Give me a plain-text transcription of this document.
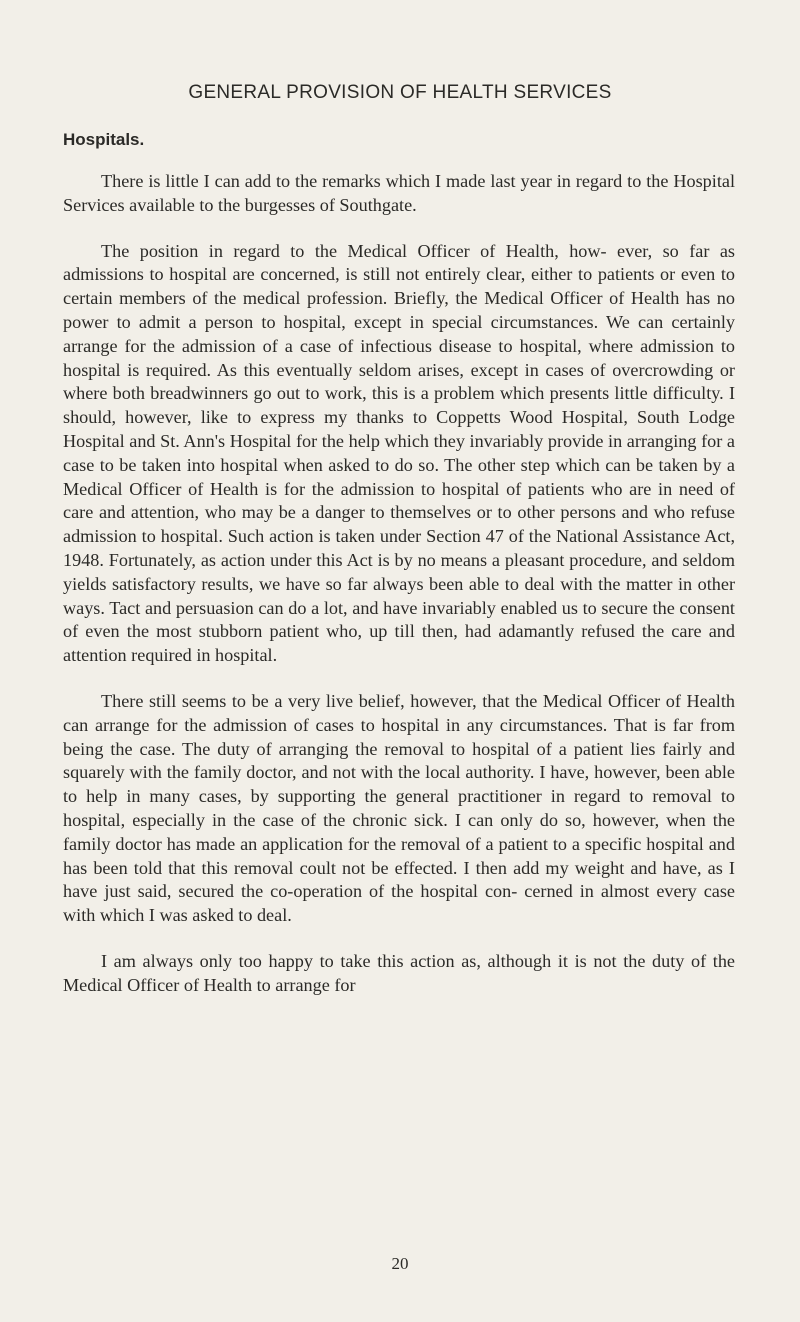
GENERAL PROVISION OF HEALTH SERVICES
Hospitals.

There is little I can add to the remarks which I made last year in regard to the Hospital Services available to the burgesses of Southgate.

The position in regard to the Medical Officer of Health, how- ever, so far as admissions to hospital are concerned, is still not entirely clear, either to patients or even to certain members of the medical profession. Briefly, the Medical Officer of Health has no power to admit a person to hospital, except in special circumstances. We can certainly arrange for the admission of a case of infectious disease to hospital, where admission to hospital is required. As this eventually seldom arises, except in cases of overcrowding or where both breadwinners go out to work, this is a problem which presents little difficulty. I should, however, like to express my thanks to Coppetts Wood Hospital, South Lodge Hospital and St. Ann's Hospital for the help which they invariably provide in arranging for a case to be taken into hospital when asked to do so. The other step which can be taken by a Medical Officer of Health is for the admission to hospital of patients who are in need of care and attention, who may be a danger to themselves or to other persons and who refuse admission to hospital. Such action is taken under Section 47 of the National Assistance Act, 1948. Fortunately, as action under this Act is by no means a pleasant procedure, and seldom yields satisfactory results, we have so far always been able to deal with the matter in other ways. Tact and persuasion can do a lot, and have invariably enabled us to secure the consent of even the most stubborn patient who, up till then, had adamantly refused the care and attention required in hospital.

There still seems to be a very live belief, however, that the Medical Officer of Health can arrange for the admission of cases to hospital in any circumstances. That is far from being the case. The duty of arranging the removal to hospital of a patient lies fairly and squarely with the family doctor, and not with the local authority. I have, however, been able to help in many cases, by supporting the general practitioner in regard to removal to hospital, especially in the case of the chronic sick. I can only do so, however, when the family doctor has made an application for the removal of a patient to a specific hospital and has been told that this removal coult not be effected. I then add my weight and have, as I have just said, secured the co-operation of the hospital con- cerned in almost every case with which I was asked to deal.

I am always only too happy to take this action as, although it is not the duty of the Medical Officer of Health to arrange for

20
